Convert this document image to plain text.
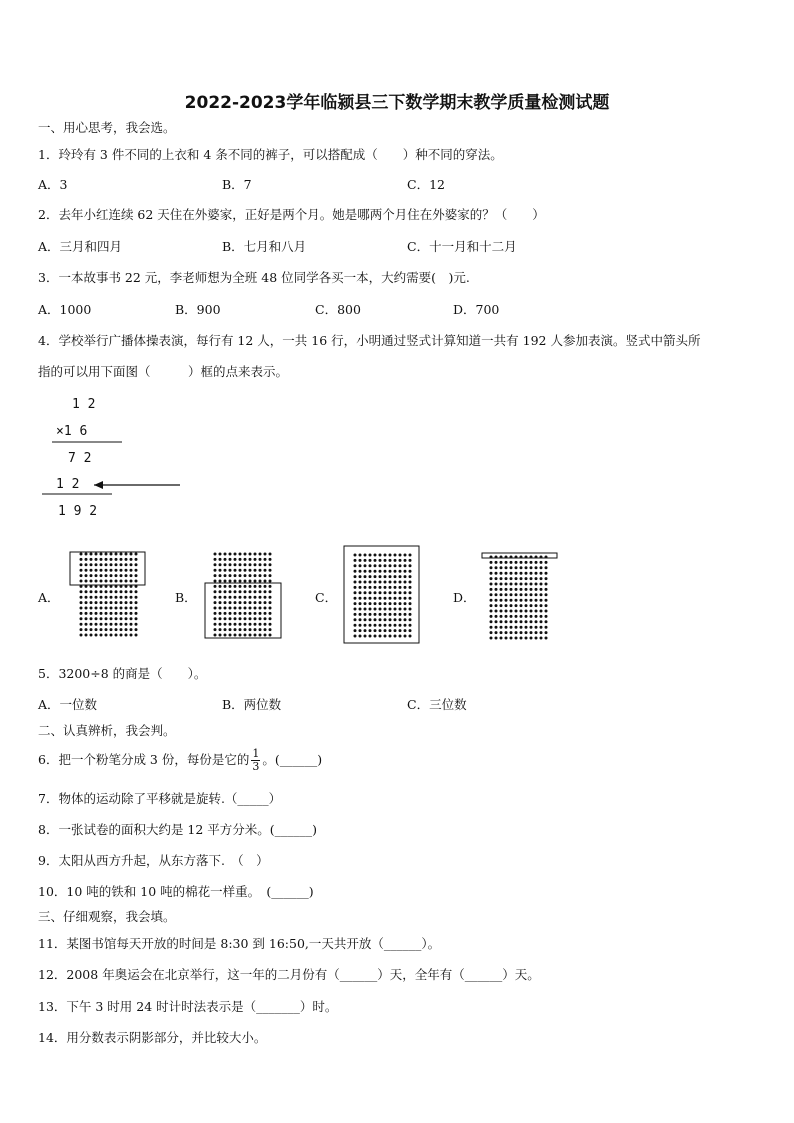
2022-2023学年临颍县三下数学期末教学质量检测试题
一、用心思考，我会选。
1．玲玲有 3 件不同的上衣和 4 条不同的裤子，可以搭配成（　　）种不同的穿法。
A．3	B．7	C．12
2．去年小红连续 62 天住在外婆家，正好是两个月。她是哪两个月住在外婆家的？（　　）
A．三月和四月	B．七月和八月	C．十一月和十二月
3．一本故事书 22 元，李老师想为全班 48 位同学各买一本，大约需要(　)元.
A．1000	B．900	C．800	D．700
4．学校举行广播体操表演，每行有 12 人，一共 16 行，小明通过竖式计算知道一共有 192 人参加表演。竖式中箭头所
指的可以用下面图（　　　）框的点来表示。
1 2
×1 6
7 2
1 2
1 9 2
A．	B．	C．	D．
5．3200÷8 的商是（　　）。
A．一位数	B．两位数	C．三位数
二、认真辨析，我会判。
6．把一个粉笔分成 3 份，每份是它的 $\frac{1}{3}$ 。(______)
7．物体的运动除了平移就是旋转.（_____）
8．一张试卷的面积大约是 12 平方分米。(______)
9．太阳从西方升起，从东方落下.　（　）
10．10 吨的铁和 10 吨的棉花一样重。　(______)
三、仔细观察，我会填。
11．某图书馆每天开放的时间是 8:30 到 16:50,一天共开放（______）。
12．2008 年奥运会在北京举行，这一年的二月份有（______）天，全年有（______）天。
13．下午 3 时用 24 时计时法表示是（_______）时。
14．用分数表示阴影部分，并比较大小。
